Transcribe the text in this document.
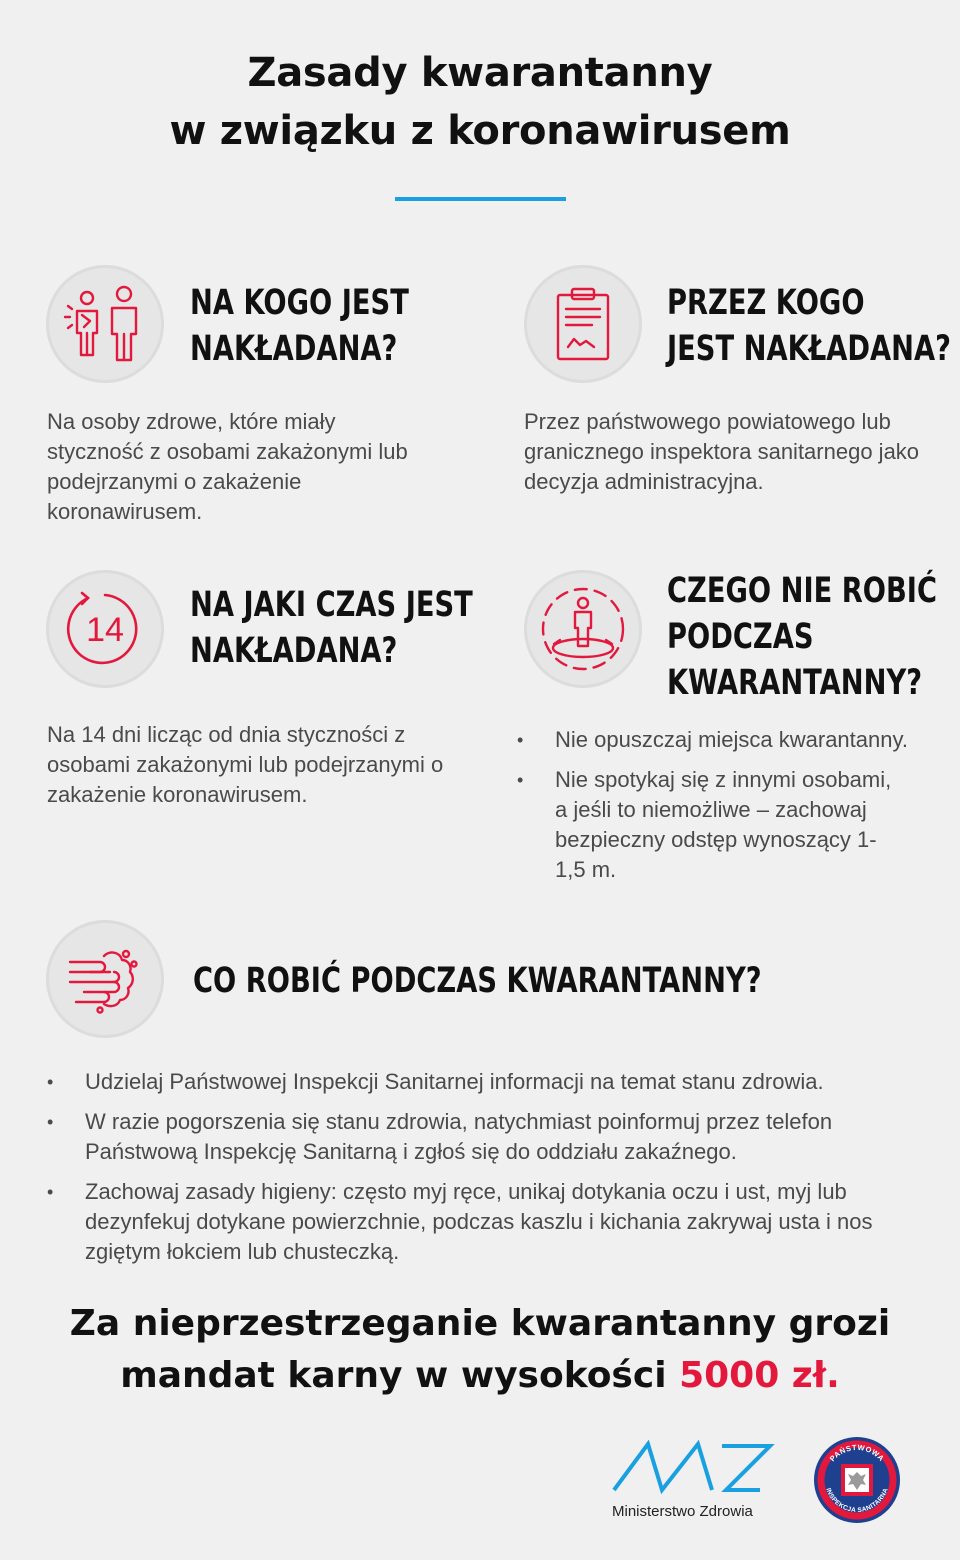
Zasady kwarantanny
w związku z koronawirusem
NA KOGO JEST
NAKŁADANA?
Na osoby zdrowe, które miały styczność z osobami zakażonymi lub podejrzanymi o zakażenie koronawirusem.
PRZEZ KOGO
JEST NAKŁADANA?
Przez państwowego powiatowego lub granicznego inspektora sanitarnego jako decyzja administracyjna.
14
NA JAKI CZAS JEST
NAKŁADANA?
Na 14 dni licząc od dnia styczności z osobami zakażonymi lub podejrzanymi o zakażenie koronawirusem.
CZEGO NIE ROBIĆ
PODCZAS
KWARANTANNY?
• Nie opuszczaj miejsca kwarantanny.
• Nie spotykaj się z innymi osobami, a jeśli to niemożliwe – zachowaj bezpieczny odstęp wynoszący 1-1,5 m.
CO ROBIĆ PODCZAS KWARANTANNY?
• Udzielaj Państwowej Inspekcji Sanitarnej informacji na temat stanu zdrowia.
• W razie pogorszenia się stanu zdrowia, natychmiast poinformuj przez telefon Państwową Inspekcję Sanitarną i zgłoś się do oddziału zakaźnego.
• Zachowaj zasady higieny: często myj ręce, unikaj dotykania oczu i ust, myj lub dezynfekuj dotykane powierzchnie, podczas kaszlu i kichania zakrywaj usta i nos zgiętym łokciem lub chusteczką.
Za nieprzestrzeganie kwarantanny grozi
mandat karny w wysokości 5000 zł.
Ministerstwo Zdrowia
PAŃSTWOWA
INSPEKCJA SANITARNA
